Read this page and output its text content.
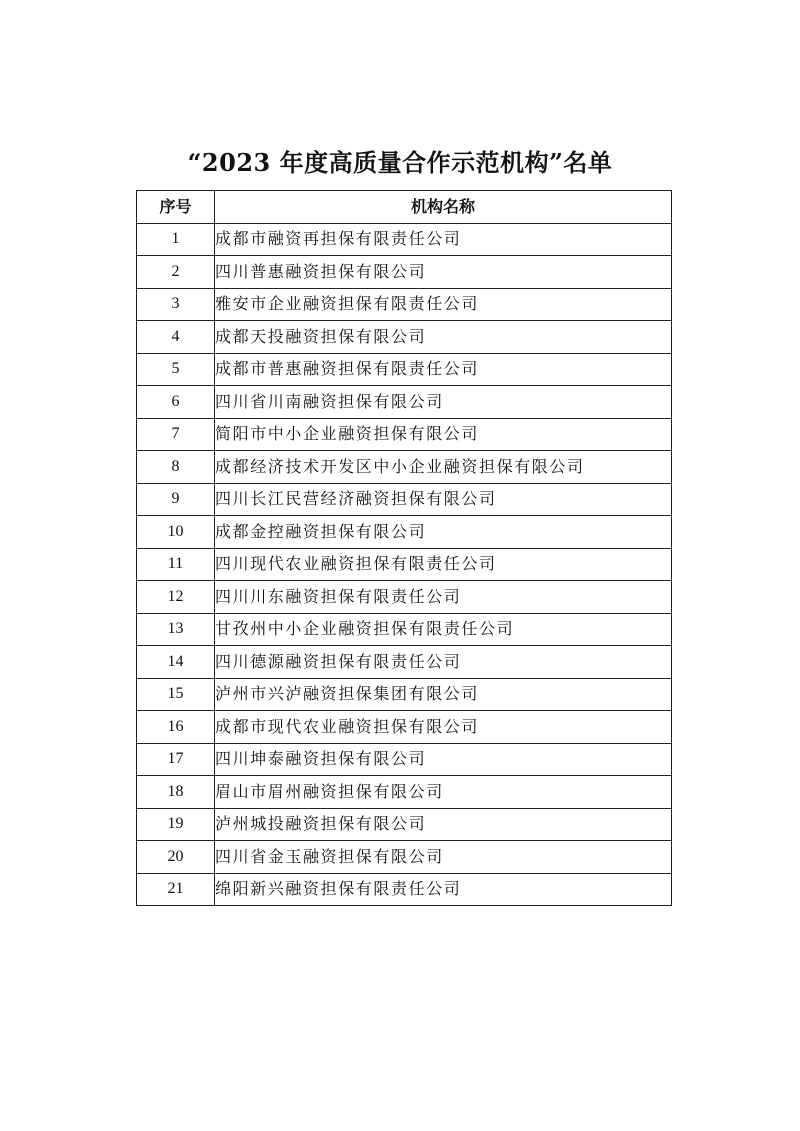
“2023 年度高质量合作示范机构”名单
序号	机构名称
1	成都市融资再担保有限责任公司
2	四川普惠融资担保有限公司
3	雅安市企业融资担保有限责任公司
4	成都天投融资担保有限公司
5	成都市普惠融资担保有限责任公司
6	四川省川南融资担保有限公司
7	简阳市中小企业融资担保有限公司
8	成都经济技术开发区中小企业融资担保有限公司
9	四川长江民营经济融资担保有限公司
10	成都金控融资担保有限公司
11	四川现代农业融资担保有限责任公司
12	四川川东融资担保有限责任公司
13	甘孜州中小企业融资担保有限责任公司
14	四川德源融资担保有限责任公司
15	泸州市兴泸融资担保集团有限公司
16	成都市现代农业融资担保有限公司
17	四川坤泰融资担保有限公司
18	眉山市眉州融资担保有限公司
19	泸州城投融资担保有限公司
20	四川省金玉融资担保有限公司
21	绵阳新兴融资担保有限责任公司
